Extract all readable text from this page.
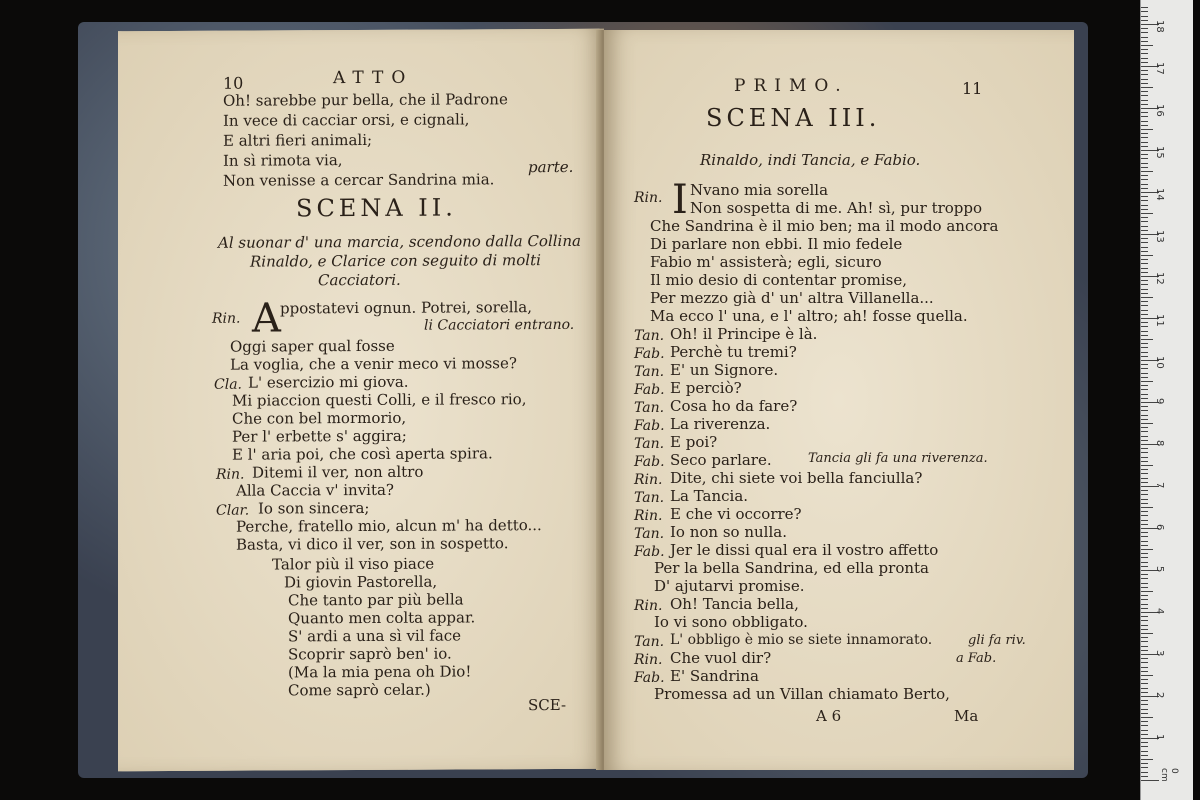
10	ATTO
Oh! sarebbe pur bella, che il Padrone
In vece di cacciar orsi, e cignali,
E altri fieri animali;
In sì rimota via,
Non venisse a cercar Sandrina mia.
parte.
SCENA II.
Al suonar d' una marcia, scendono dalla Collina
Rinaldo, e Clarice con seguito di molti
Cacciatori.
Rin. A ppostatevi ognun. Potrei, sorella,
li Cacciatori entrano.
Oggi saper qual fosse
La voglia, che a venir meco vi mosse?
Cla. L' esercizio mi giova.
Mi piaccion questi Colli, e il fresco rio,
Che con bel mormorio,
Per l' erbette s' aggira;
E l' aria poi, che così aperta spira.
Rin. Ditemi il ver, non altro
Alla Caccia v' invita?
Clar. Io son sincera;
Perche, fratello mio, alcun m' ha detto...
Basta, vi dico il ver, son in sospetto.
Talor più il viso piace
Di giovin Pastorella,
Che tanto par più bella
Quanto men colta appar.
S' ardi a una sì vil face
Scoprir saprò ben' io.
(Ma la mia pena oh Dio!
Come saprò celar.)
SCE-
PRIMO.	11
SCENA III.
Rinaldo, indi Tancia, e Fabio.
Rin. I Nvano mia sorella
Non sospetta di me. Ah! sì, pur troppo
Che Sandrina è il mio ben; ma il modo ancora
Di parlare non ebbi. Il mio fedele
Fabio m' assisterà; egli, sicuro
Il mio desio di contentar promise,
Per mezzo già d' un' altra Villanella...
Ma ecco l' una, e l' altro; ah! fosse quella.
Tan. Oh! il Principe è là.
Fab. Perchè tu tremi?
Tan. E' un Signore.
Fab. E perciò?
Tan. Cosa ho da fare?
Fab. La riverenza.
Tan. E poi?
Fab. Seco parlare.	Tancia gli fa una riverenza.
Rin. Dite, chi siete voi bella fanciulla?
Tan. La Tancia.
Rin. E che vi occorre?
Tan. Io non so nulla.
Fab. Jer le dissi qual era il vostro affetto
Per la bella Sandrina, ed ella pronta
D' ajutarvi promise.
Rin. Oh! Tancia bella,
Io vi sono obbligato.
Tan. L' obbligo è mio se siete innamorato.	gli fa riv.
Rin. Che vuol dir?	a Fab.
Fab. E' Sandrina
Promessa ad un Villan chiamato Berto,
A 6	Ma
0 cm
1
2
3
4
5
6
7
8
9
10
11
12
13
14
15
16
17
18
